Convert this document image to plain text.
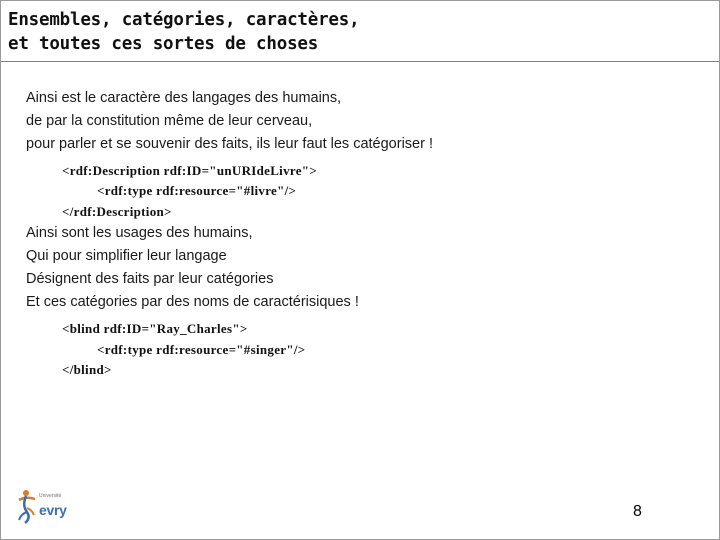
Ensembles, catégories, caractères,
et toutes ces sortes de choses
Ainsi est le caractère des langages des humains,
de par la constitution même de leur cerveau,
pour parler et se souvenir des faits, ils leur faut les catégoriser !
<rdf:Description rdf:ID="unURIdeLivre">
<rdf:type rdf:resource="#livre"/>
</rdf:Description>
Ainsi sont les usages des humains,
Qui pour simplifier leur langage
Désignent des faits par leur catégories
Et ces catégories par des noms de caractérisiques !
<blind rdf:ID="Ray_Charles">
<rdf:type rdf:resource="#singer"/>
</blind>
Université
evry	8
